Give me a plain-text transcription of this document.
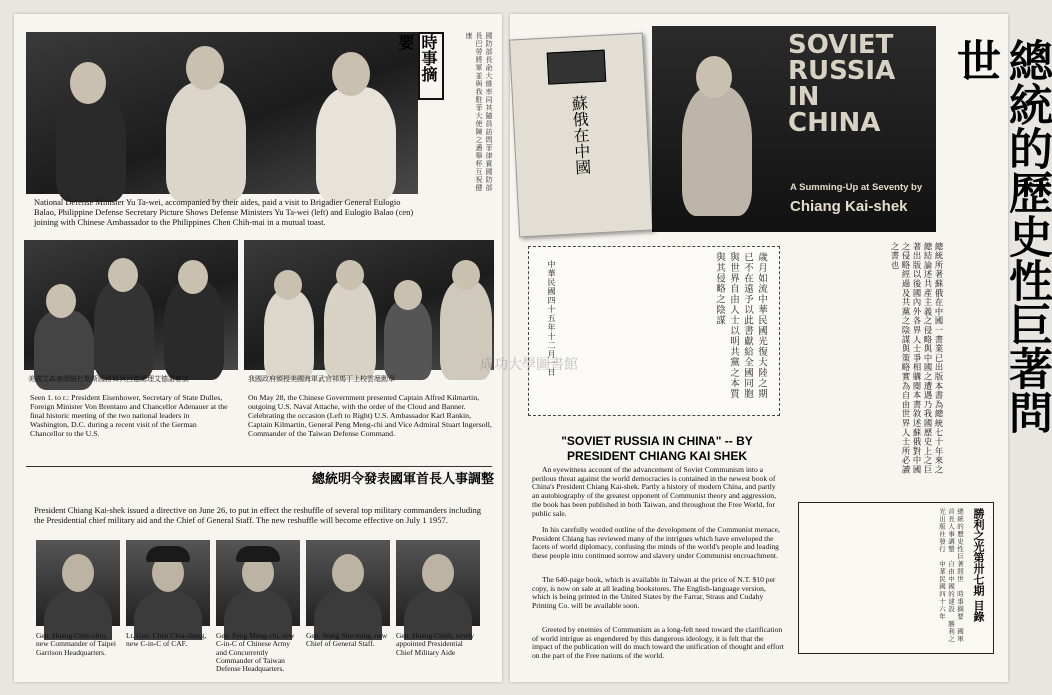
時事摘要	國防部長俞大維率同其隨員訪問菲律賓國防部長巴勞將軍並與我駐菲大使陳之邁舉杯互祝健康
National Defense Minister Yu Ta-wei, accompanied by their aides, paid a visit to Brigadier General Eulogio Balao, Philippine Defense Secretary Picture Shows Defense Ministers Yu Ta-wei (left) and Eulogio Balao (cen) joining with Chinese Ambassador to the Philippines Chen Chih-mai in a mutual toast.
美國艾森豪總統杜勒斯國務卿與西德總理艾德諾會談	我國政府頒授美國海軍武官祁馬丁上校雲麾勳章
Seen 1. to r.: President Eisenhower, Secretary of State Dulles, Foreign Minister Von Brentano and Chancellor Adenauer at the final historic meeting of the two national leaders in Washington, D.C. during a recent visit of the German Chancellor to the U.S.
On May 28, the Chinese Government presented Captain Alfred Kilmartin, outgoing U.S. Naval Attache, with the order of the Cloud and Banner. Celebrating the occasion (Left to Right) U.S. Ambassador Karl Rankin, Captain Kilmartin, General Peng Meng-chi and Vice Admiral Stuart Ingersoll, Commander of the Taiwan Defense Command.
總統明令發表國軍首長人事調整
President Chiang Kai-shek issued a directive on June 26, to put in effect the reshuffle of several top military commanders including the Presidential chief military aid and the Chief of General Staff. The new reshuffle will become effective on July 1 1957.
Gen. Huang Chen-chiu, new Commander of Taipei Garrison Headquarters.
Lt. Gen. Chen Chia-shang, new C-in-C of CAF.
Gen. Peng Meng-chi, new C-in-C of Chinese Army and Concurrently Commander of Taiwan Defense Headquarters.
Gen. Wang Shu-ming, new Chief of General Staff.
Gen. Huang Chieh, newly appointed Presidential Chief Military Aide
蘇俄在中國
SOVIET
RUSSIA
IN
CHINA
A Summing-Up at Seventy by
Chiang Kai-shek	總統的歷史性巨著問世
歲月如流中華民國光復大陸之期已不在遠予以此書獻給全國同胞與世界自由人士以明共黨之本質與其侵略之陰謀
中華民國四十五年十二月一日	總統所著蘇俄在中國一書業已出版本書為總統七十年來之總結論述共產主義之侵略與中國之遭遇乃我國歷史上之巨著出版以後國內外各界人士爭相購閱本書敘述蘇俄對中國之侵略經過及共黨之陰謀與策略實為自由世界人士所必讀之書也
"SOVIET RUSSIA IN CHINA" -- BY PRESIDENT CHIANG KAI SHEK
An eyewitness account of the advancement of Soviet Communism into a perilous threat against the world democracies is contained in the newest book of China's President Chiang Kai-shek. Partly a history of modern China, and partly an autobiography of the greatest opponent of Communist theory and aggression, the book has been published in both Taiwan, and throughout the Free World, for public sale.
In his carefully worded outline of the development of the Communist menace, President Chiang has reviewed many of the intrigues which have enveloped the facets of world diplomacy, confusing the minds of the world's people and leading these people into continued sorrow and slavery under Communist encroachment.
The 640-page book, which is available in Taiwan at the price of N.T. $10 per copy, is now on sale at all leading bookstores. The English-language version, which is being printed in the United States by the Farrar, Straus and Cudahy Printing Co. will be available soon.
Greeted by enemies of Communism as a long-felt need toward the clarification of world intrigue as engendered by this dangerous ideology, it is felt that the impact of the publication will do much toward the unification of thought and effort on the part of the Free nations of the world.
成功大學圖書館
勝利之光第卅七期 目錄
總統的歷史性巨著問世　時事摘要　國軍首長人事調整　自由中國的建設　勝利之光出版社發行　中華民國四十六年
